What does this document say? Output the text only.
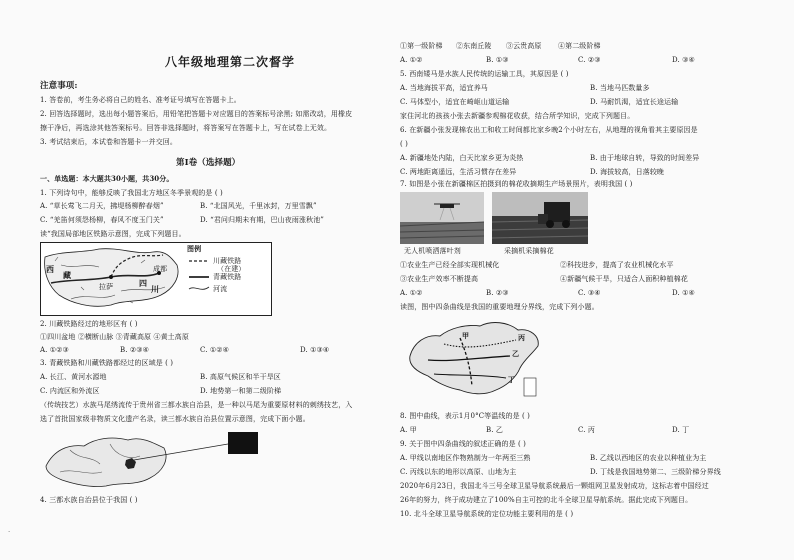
八年级地理第二次督学
注意事项:
1. 答卷前，考生务必将自己的姓名、准考证号填写在答题卡上。
2. 回答选择题时，选出每小题答案后，用铅笔把答题卡对应题目的答案标号涂黑; 如需改动，用橡皮
擦干净后，再选涂其他答案标号。回答非选择题时，将答案写在答题卡上，写在试卷上无效。
3. 考试结束后，本试卷和答题卡一并交回。
第I卷（选择题）
一、单选题：本大题共30小题，共30分。
1. 下列诗句中，能够反映了我国北方地区冬季景观的是 ( )
A. “草长莺飞二月天，拂堤杨柳醉春烟”	B. “北国风光，千里冰封，万里雪飘”
C. “羌笛何须怨杨柳，春风不度玉门关”	D. “君问归期未有期，巴山夜雨涨秋池”
读“我国局部地区铁路示意图，完成下列题目。
西
藏
拉萨	四
川
成都
图例
川藏铁路
（在建）
青藏铁路
河流
2. 川藏铁路经过的地形区有 ( )
①四川盆地 ②横断山脉 ③青藏高原 ④黄土高原
A. ①②③	B. ②③④	C. ①②④	D. ①③④
3. 青藏铁路和川藏铁路都经过的区域是 ( )
A. 长江、黄河水源地	B. 高原气候区和半干旱区
C. 内流区和外流区	D. 地势第一和第二级阶梯
（传统技艺）水族马尾绣流传于贵州省三都水族自治县，是一种以马尾为重要原材料的刺绣技艺，入
选了首批国家级非物质文化遗产名录，读三都水族自治县位置示意图，完成下面小题。
4. 三都水族自治县位于我国 ( )
·
①第一级阶梯 ②东南丘陵 ③云贵高原 ④第二级阶梯
A. ①②	B. ①③	C. ②③	D. ③④
5. 西南矮马是水族人民传统的运输工具，其原因是 ( )
A. 当地海拔平高，适宜养马	B. 当地马匹数量多
C. 马体型小，适宜在崎岖山道运输	D. 马耐饥渴，适宜长途运输
家住河北的孩孩小张去新疆参观棉花收获，结合所学知识，完成下列题目。
6. 在新疆小张发现棉农出工和收工时间都比家乡晚2个小时左右，从地理的视角看其主要原因是
( )
A. 新疆地处内陆，白天比家乡更为炎热	B. 由于地球自转，导致的时间差异
C. 两地距离遥远，生活习惯存在差异	D. 海拔较高，日落较晚
7. 如图是小张在新疆棉区拍摄到的棉花收摘期生产场景照片，表明我国 ( )
无人机喷洒落叶剂	采摘机采摘棉花
①农业生产已经全部实现机械化	②科技进步，提高了农业机械化水平
③农业生产效率不断提高	④新疆气候干旱，只适合人面积种植棉花
A. ①②	B. ②③	C. ③④	D. ①④
读图，图中四条曲线是我国的重要地理分界线，完成下列小题。
甲
乙
丙
丁
8. 图中曲线，表示1月0°C等温线的是 ( )
A. 甲	B. 乙	C. 丙	D. 丁
9. 关于图中四条曲线的叙述正确的是 ( )
A. 甲线以南地区作物熟制为一年两至三熟	B. 乙线以西地区的农业以种植业为主
C. 丙线以东的地形以高原、山地为主	D. 丁线是我国地势第二、三级阶梯分界线
2020年6月23日，我国北斗三号全球卫星导航系统最后一颗组网卫星发射成功，这标志着中国经过
26年的努力，终于成功建立了100%自主可控的北斗全球卫星导航系统。据此完成下列题目。
10. 北斗全球卫星导航系统的定位功能主要利用的是 ( )
